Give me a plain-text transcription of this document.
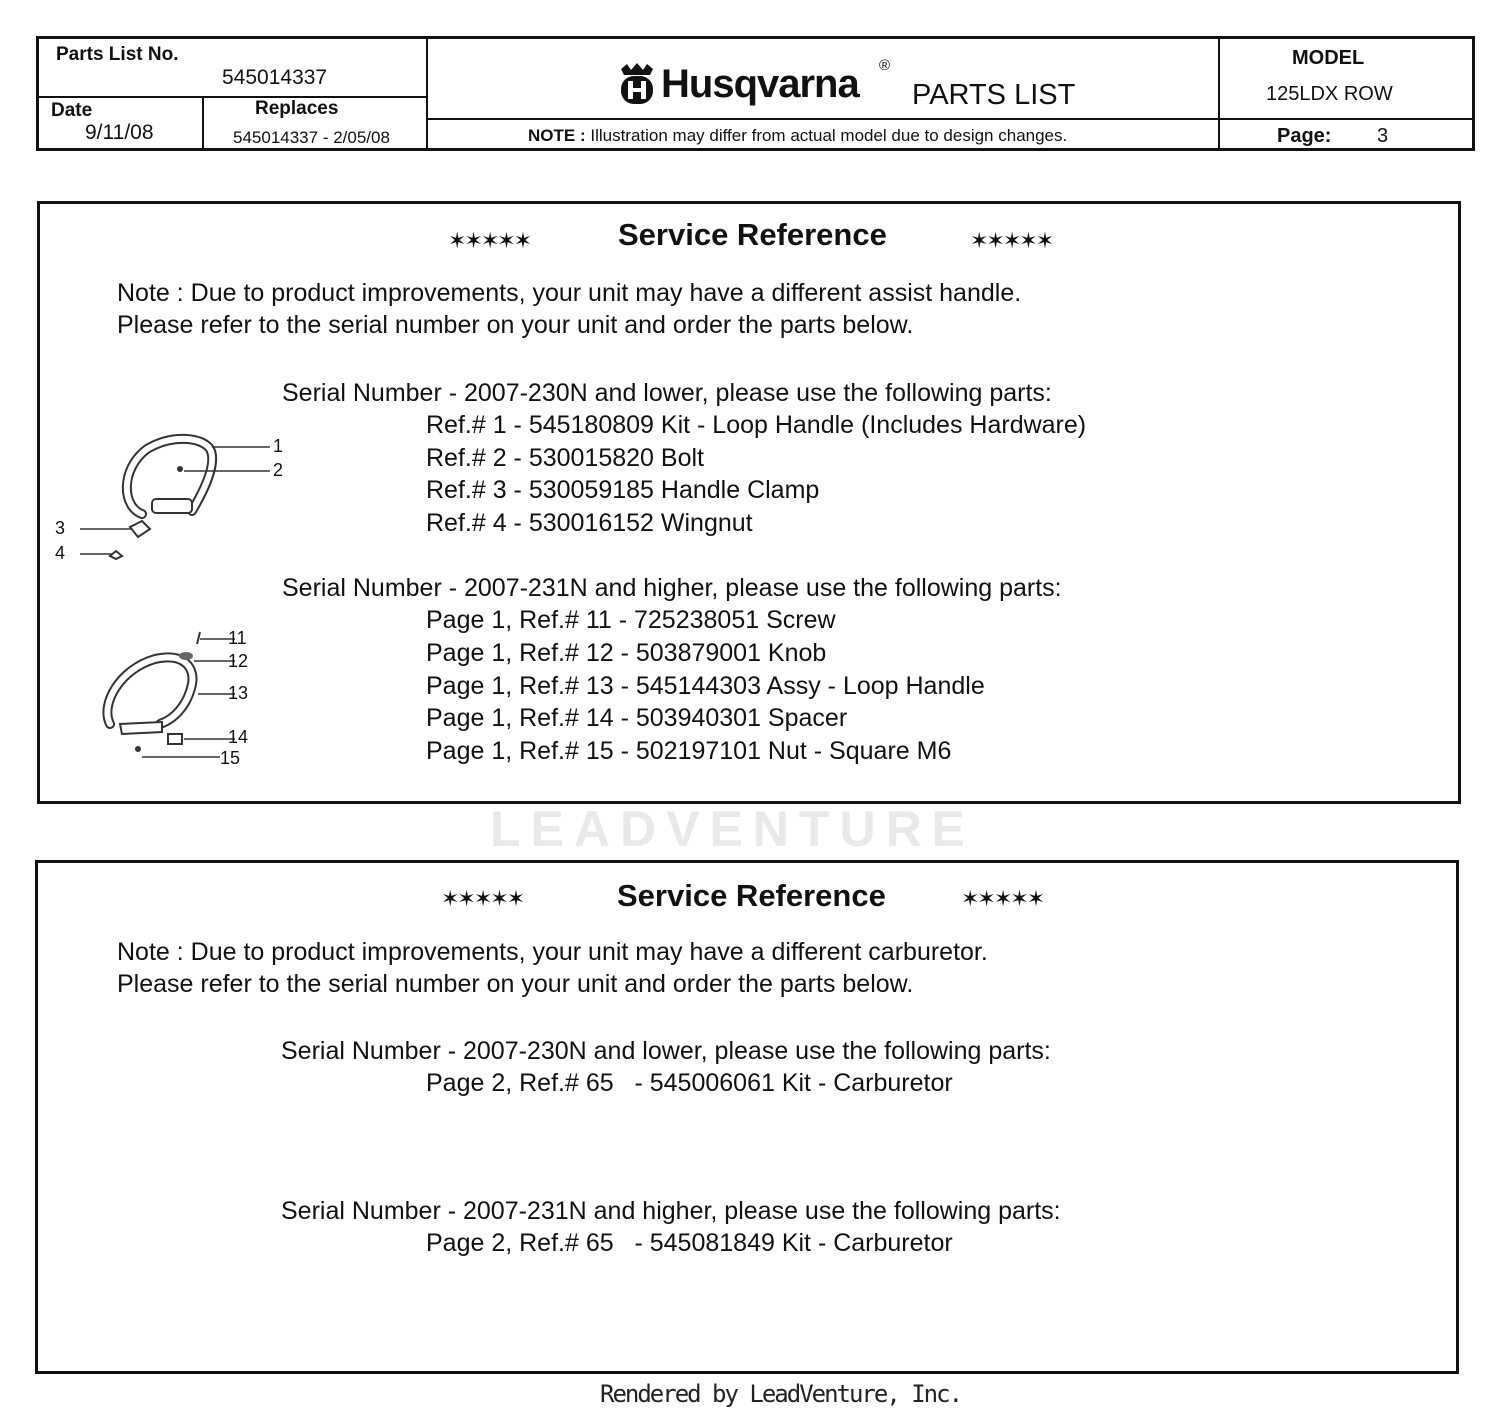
Parts List No.
545014337
Date
9/11/08
Replaces
545014337 - 2/05/08
Husqvarna ®
PARTS LIST
NOTE : Illustration may differ from actual model due to design changes.
MODEL
125LDX ROW
Page: 3
✶✶✶✶✶	Service Reference	✶✶✶✶✶
Note : Due to product improvements, your unit may have a different assist handle.
Please refer to the serial number on your unit and order the parts below.
Serial Number - 2007-230N and lower, please use the following parts:
Ref.# 1 - 545180809 Kit - Loop Handle (Includes Hardware)
Ref.# 2 - 530015820 Bolt
Ref.# 3 - 530059185 Handle Clamp
Ref.# 4 - 530016152 Wingnut
Serial Number - 2007-231N and higher, please use the following parts:
Page 1, Ref.# 11 - 725238051 Screw
Page 1, Ref.# 12 - 503879001 Knob
Page 1, Ref.# 13 - 545144303 Assy - Loop Handle
Page 1, Ref.# 14 - 503940301 Spacer
Page 1, Ref.# 15 - 502197101 Nut - Square M6
1
2
3
4
11
12
13
14
15
LEADVENTURE
✶✶✶✶✶	Service Reference	✶✶✶✶✶
Note : Due to product improvements, your unit may have a different carburetor.
Please refer to the serial number on your unit and order the parts below.
Serial Number - 2007-230N and lower, please use the following parts:
Page 2, Ref.# 65   - 545006061 Kit - Carburetor
Serial Number - 2007-231N and higher, please use the following parts:
Page 2, Ref.# 65   - 545081849 Kit - Carburetor
Rendered by LeadVenture, Inc.
